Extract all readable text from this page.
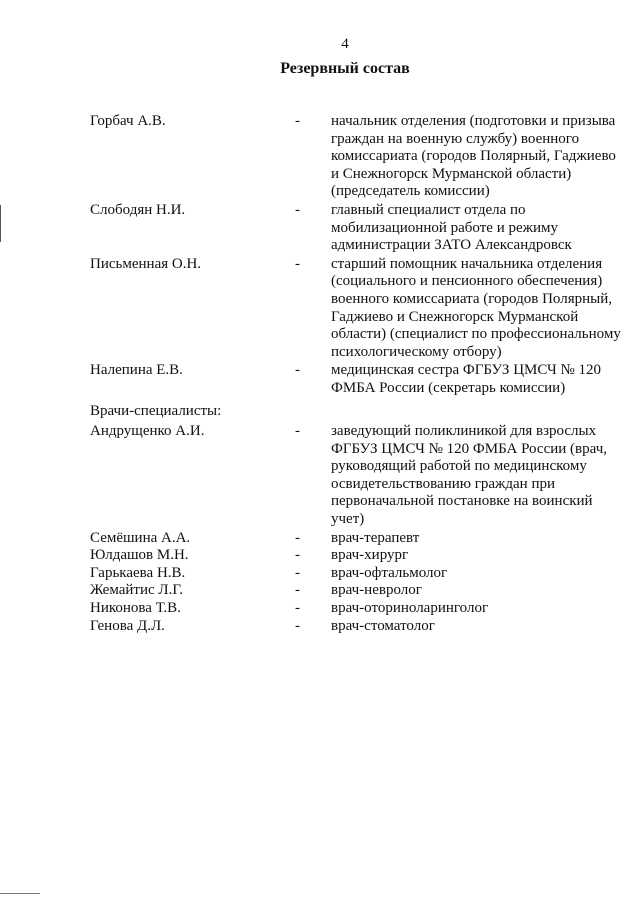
4
Резервный состав
Горбач А.В.	-	начальник отделения (подготовки и призыва граждан на военную службу) военного комиссариата (городов Полярный, Гаджиево и Снежногорск Мурманской области) (председатель комиссии)
Слободян Н.И.	-	главный специалист отдела по мобилизационной работе и режиму администрации ЗАТО Александровск
Письменная О.Н.	-	старший помощник начальника отделения (социального и пенсионного обеспечения) военного комиссариата (городов Полярный, Гаджиево и Снежногорск Мурманской области) (специалист по профессиональному психологическому отбору)
Налепина Е.В.	-	медицинская сестра ФГБУЗ ЦМСЧ № 120 ФМБА России (секретарь комиссии)
Врачи-специалисты:
Андрущенко А.И.	-	заведующий поликлиникой для взрослых ФГБУЗ ЦМСЧ № 120 ФМБА России (врач, руководящий работой по медицинскому освидетельствованию граждан при первоначальной постановке на воинский учет)
Семёшина А.А.	-	врач-терапевт
Юлдашов М.Н.	-	врач-хирург
Гарькаева Н.В.	-	врач-офтальмолог
Жемайтис Л.Г.	-	врач-невролог
Никонова Т.В.	-	врач-оториноларинголог
Генова Д.Л.	-	врач-стоматолог
